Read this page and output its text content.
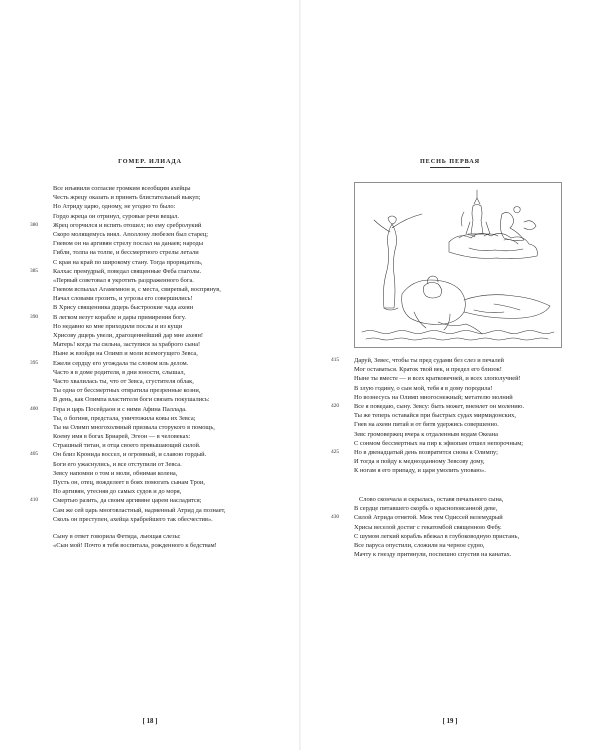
ГОМЕР. ИЛИАДА
Все изъявили согласие громким всеобщим ахейцы
Честь жрецу оказать и принять блистательный выкуп;
Но Атриду царю, одному, не угодно то было:
Гордо жреца он отринул, суровые речи вещал.
380 Жрец огорчился и вспять отошел; но ему сребролукий
Скоро молящемусь внял. Аполлону любезен был старец;
Гневом он на аргивян стрелу послал на данаев; народы
Гибли, толпа на толпе, и бессмертного стрелы летали
С края на край по широкому стану. Тогда прорицатель,
385 Калхас премудрый, поведал священные Феба глаголы.
«Первый советовал я укротить раздраженного бога.
Гневом вспылал Агамемнон и, с места, свирепый, воспрянув,
Начал словами грозить, и угрозы его совершились!
В Хрису священника дщерь быстроокие чада ахеян
390 В легком везут корабле и дары примирения богу.
Но недавно ко мне приходили послы и из кущи
Хрисову дщерь увели, драгоценнейший дар мне ахеян!
Матерь! когда ты сильна, заступися за храброго сына!
Ныне ж взойди на Олимп и моли всемогущего Зевса,
395 Ежели сердцу его угождала ты словом иль делом.
Часто я в доме родителя, в дни юности, слышал,
Часто хвалилась ты, что от Зевса, сгустителя облак,
Ты одна от бессмертных отвратила презренные козни,
В день, как Олимпа властителя боги связать покушались:
400 Гера и царь Посейдаон и с ними Афина Паллада.
Ты, о богиня, предстала, уничтожила ковы их Зевса;
Ты на Олимп многохолмный призвала сторукого в помощь,
Коему имя в богах Бриарей, Эгеон — в человеках:
Страшный титан, и отца своего превышающий силой.
405 Он близ Кронида воссел, и огромный, и славою гордый.
Боги его ужаснулись, и все отступили от Зевса.
Зевсу напомни о том и моли, обнимая колена,
Пусть он, отец, вожделеет в боях помогать сынам Трои,
Но аргивян, утесняя до самых судов и до моря,
410 Смертью разить, да своим аргивяне царем насладятся;
Сам же сей царь многовластный, надменный Атрид да познает,
Сколь он преступен, ахейца храбрейшего так обесчестив».
Сыну в ответ говорила Фетида, льющая слезы:
«Сын мой! Почто я тебя воспитала, рожденного к бедствам!
[ 18 ]
ПЕСНЬ ПЕРВАЯ
415 Даруй, Зевес, чтобы ты пред судами без слез и печалей
Мог оставаться. Краток твой век, и предел его близок!
Ныне ты вместе — и всех кратковечней, и всех злополучней!
В злую годину, о сын мой, тебя я в дому породила!
Но вознесусь на Олимп многоснежный; метателю молний
420 Все я поведаю, сыну. Зевсу: быть может, внемлет он молению.
Ты же теперь оставайся при быстрых судах мирмидонских,
Гнев на ахеян питай и от битв удержись совершенно.
Зевс громовержец вчера к отдаленным водам Океана
С сонмом бессмертных на пир к эфиопам отшел непорочным;
425 Но в двенадцатый день возвратится снова к Олимпу;
И тогда я пойду к меднозданному Зевсову дому,
К ногам я его припаду, и царя умолить уповаю».
Слово скончала и скрылась, оставя печального сына,
В сердце питавшего скорбь о краснопоясанной деве,
430 Силой Атрида отнятой. Меж тем Одиссей велемудрый
Хрисы веселой достиг с гекатомбой священною Фебу.
С шумом легкий корабль вбежал в глубоководную пристань,
Все паруса опустили, сложили на черное судно,
Мачту к гнезду притянули, поспешно спустив на канатах.
[ 19 ]
